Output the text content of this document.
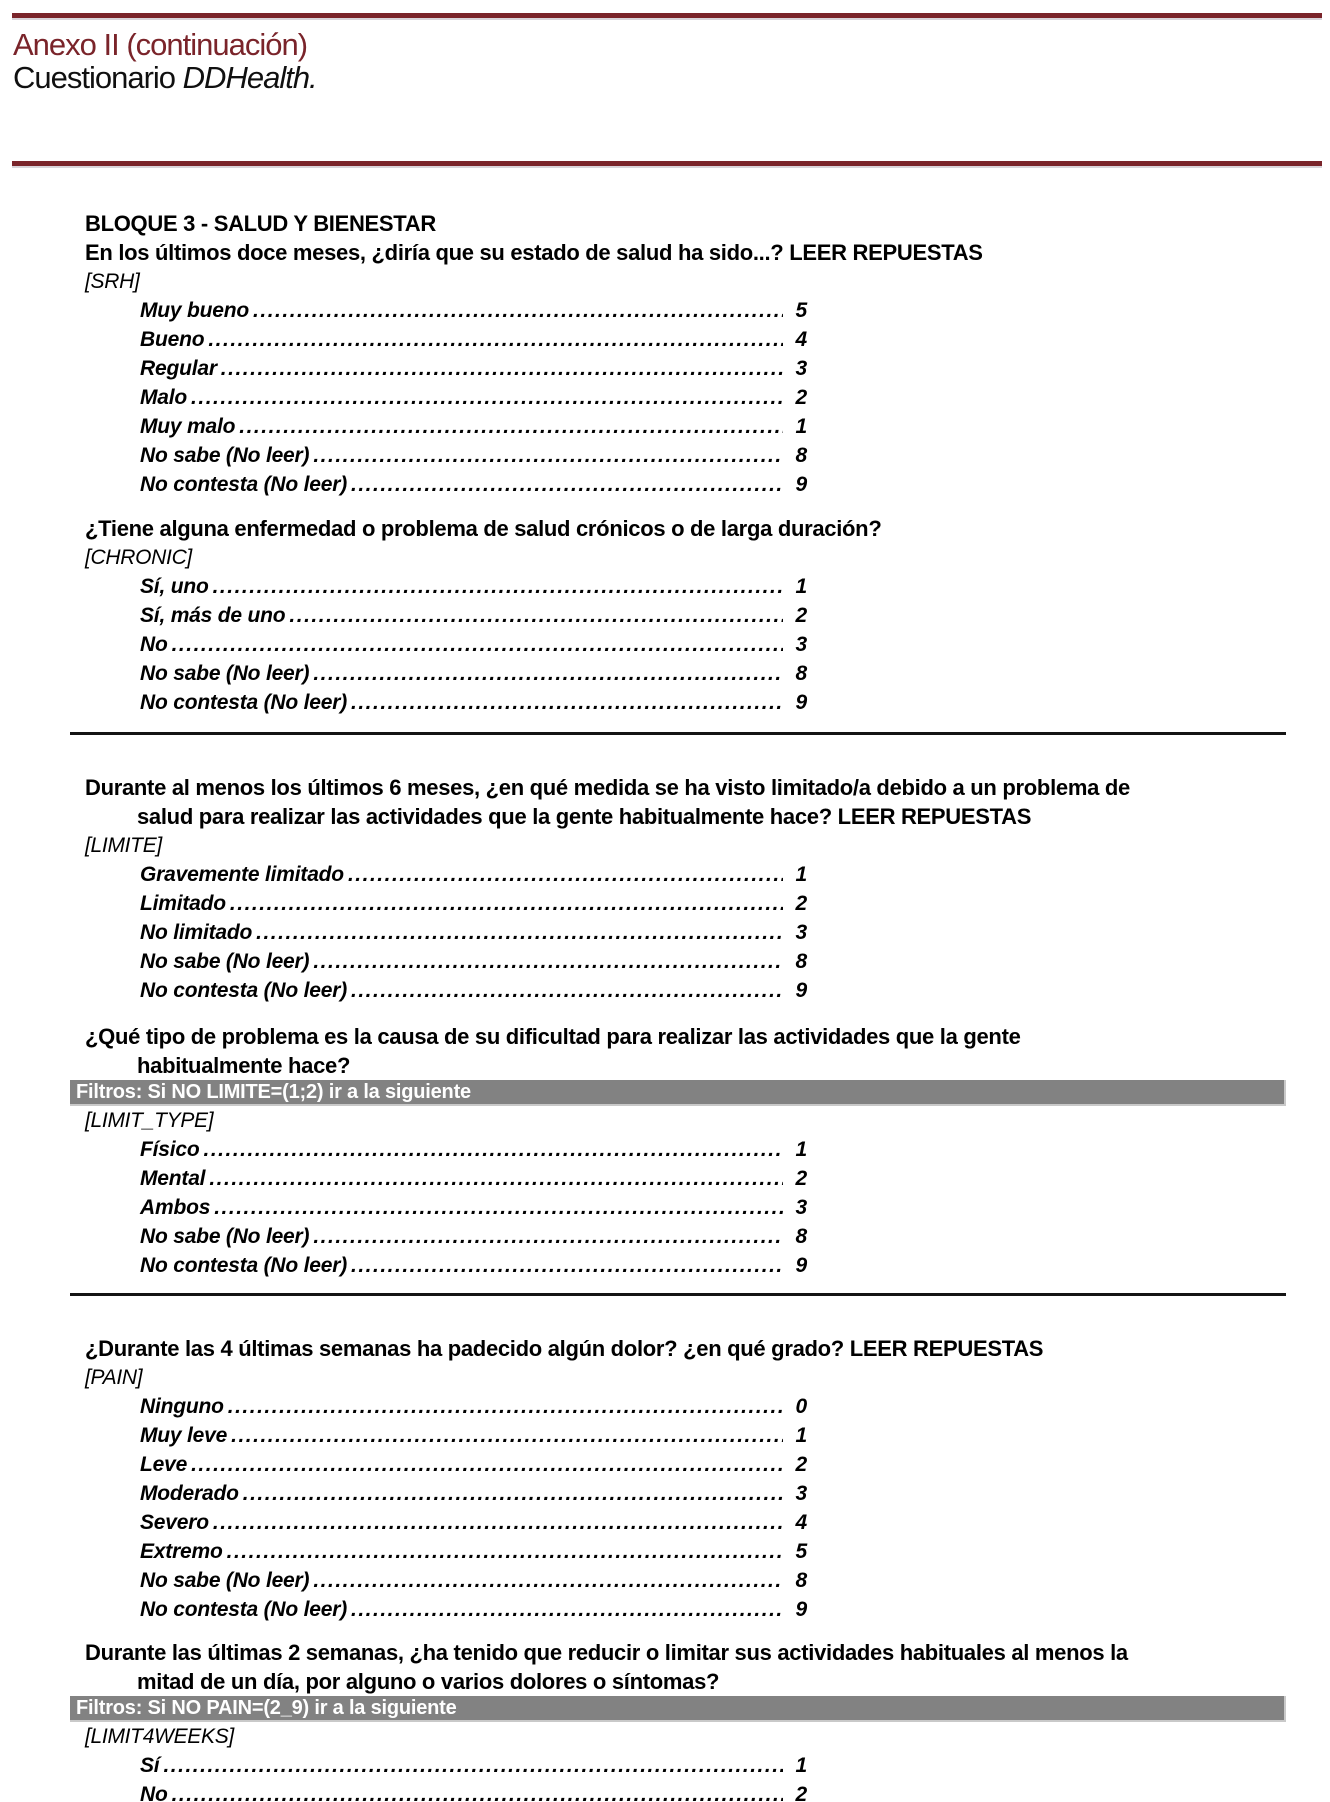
Anexo II (continuación)
Cuestionario DDHealth.
BLOQUE 3 - SALUD Y BIENESTAR
En los últimos doce meses, ¿diría que su estado de salud ha sido...? LEER REPUESTAS
[SRH]
Muy bueno .....	5
Bueno .....	4
Regular .....	3
Malo .....	2
Muy malo .....	1
No sabe (No leer) .....	8
No contesta (No leer) .....	9
¿Tiene alguna enfermedad o problema de salud crónicos o de larga duración?
[CHRONIC]
Sí, uno .....	1
Sí, más de uno .....	2
No .....	3
No sabe (No leer) .....	8
No contesta (No leer) .....	9
Durante al menos los últimos 6 meses, ¿en qué medida se ha visto limitado/a debido a un problema de
salud para realizar las actividades que la gente habitualmente hace? LEER REPUESTAS
[LIMITE]
Gravemente limitado .....	1
Limitado .....	2
No limitado .....	3
No sabe (No leer) .....	8
No contesta (No leer) .....	9
¿Qué tipo de problema es la causa de su dificultad para realizar las actividades que la gente
habitualmente hace?
Filtros: Si NO LIMITE=(1;2) ir a la siguiente
[LIMIT_TYPE]
Físico .....	1
Mental .....	2
Ambos .....	3
No sabe (No leer) .....	8
No contesta (No leer) .....	9
¿Durante las 4 últimas semanas ha padecido algún dolor? ¿en qué grado? LEER REPUESTAS
[PAIN]
Ninguno .....	0
Muy leve .....	1
Leve .....	2
Moderado .....	3
Severo .....	4
Extremo .....	5
No sabe (No leer) .....	8
No contesta (No leer) .....	9
Durante las últimas 2 semanas, ¿ha tenido que reducir o limitar sus actividades habituales al menos la
mitad de un día, por alguno o varios dolores o síntomas?
Filtros: Si NO PAIN=(2_9) ir a la siguiente
[LIMIT4WEEKS]
Sí .....	1
No .....	2
